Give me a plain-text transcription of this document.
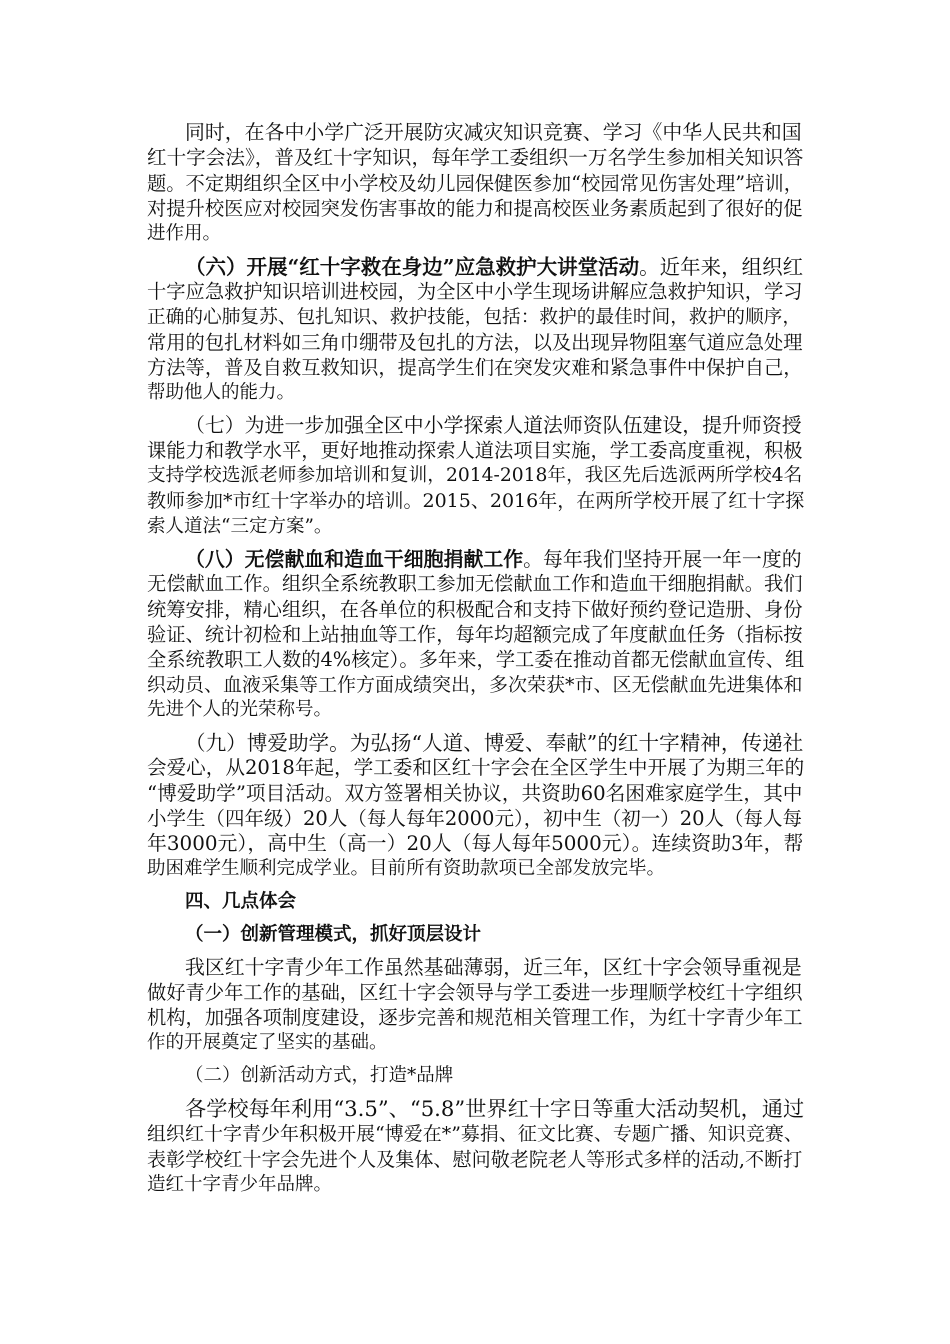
同时，在各中小学广泛开展防灾减灾知识竞赛、学习《中华人民共和国
红十字会法》，普及红十字知识，每年学工委组织一万名学生参加相关知识答
题。不定期组织全区中小学校及幼儿园保健医参加“校园常见伤害处理”培训，
对提升校医应对校园突发伤害事故的能力和提高校医业务素质起到了很好的促
进作用。
（六）开展“红十字救在身边”应急救护大讲堂活动。近年来，组织红
十字应急救护知识培训进校园，为全区中小学生现场讲解应急救护知识，学习
正确的心肺复苏、包扎知识、救护技能，包括：救护的最佳时间，救护的顺序，
常用的包扎材料如三角巾绷带及包扎的方法，以及出现异物阻塞气道应急处理
方法等，普及自救互救知识，提高学生们在突发灾难和紧急事件中保护自己，
帮助他人的能力。
（七）为进一步加强全区中小学探索人道法师资队伍建设，提升师资授
课能力和教学水平，更好地推动探索人道法项目实施，学工委高度重视，积极
支持学校选派老师参加培训和复训，2014-2018年，我区先后选派两所学校4名
教师参加*市红十字举办的培训。2015、2016年，在两所学校开展了红十字探
索人道法“三定方案”。
（八）无偿献血和造血干细胞捐献工作。每年我们坚持开展一年一度的
无偿献血工作。组织全系统教职工参加无偿献血工作和造血干细胞捐献。我们
统筹安排，精心组织，在各单位的积极配合和支持下做好预约登记造册、身份
验证、统计初检和上站抽血等工作，每年均超额完成了年度献血任务（指标按
全系统教职工人数的4%核定）。多年来，学工委在推动首都无偿献血宣传、组
织动员、血液采集等工作方面成绩突出，多次荣获*市、区无偿献血先进集体和
先进个人的光荣称号。
（九）博爱助学。为弘扬“人道、博爱、奉献”的红十字精神，传递社
会爱心，从2018年起，学工委和区红十字会在全区学生中开展了为期三年的
“博爱助学”项目活动。双方签署相关协议，共资助60名困难家庭学生，其中
小学生（四年级）20人（每人每年2000元），初中生（初一）20人（每人每
年3000元），高中生（高一）20人（每人每年5000元）。连续资助3年，帮
助困难学生顺利完成学业。目前所有资助款项已全部发放完毕。
四、几点体会
（一）创新管理模式，抓好顶层设计
我区红十字青少年工作虽然基础薄弱，近三年，区红十字会领导重视是
做好青少年工作的基础，区红十字会领导与学工委进一步理顺学校红十字组织
机构，加强各项制度建设，逐步完善和规范相关管理工作，为红十字青少年工
作的开展奠定了坚实的基础。
（二）创新活动方式，打造*品牌
各学校每年利用“3.5”、“5.8”世界红十字日等重大活动契机，通过
组织红十字青少年积极开展“博爱在*”募捐、征文比赛、专题广播、知识竞赛、
表彰学校红十字会先进个人及集体、慰问敬老院老人等形式多样的活动,不断打
造红十字青少年品牌。
